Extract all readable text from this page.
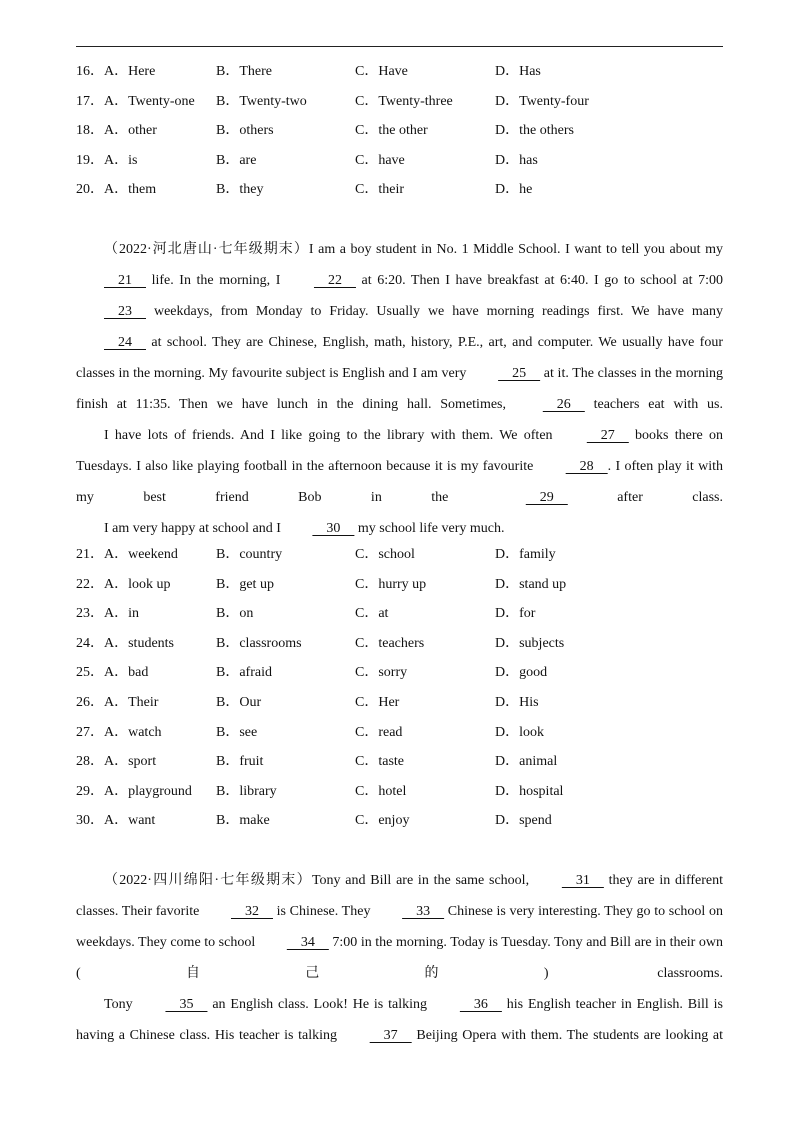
16．A．Here	B．There	C．Have	D．Has
17．A．Twenty-one B．Twenty-two	C．Twenty-three	D．Twenty-four
18．A．other	B．others	C．the other	D．the others
19．A．is	B．are	C．have	D．has
20．A．them	B．they	C．their	D．he

（2022·河北唐山·七年级期末）I am a boy student in No. 1 Middle School. I want to tell you about my     21     life. In the morning, I     22     at 6:20. Then I have breakfast at 6:40. I go to school at 7:00     23     weekdays, from Monday to Friday. Usually we have morning readings first. We have many     24     at school. They are Chinese, English, math, history, P.E., art, and computer. We usually have four classes in the morning. My favourite subject is English and I am very     25     at it. The classes in the morning finish at 11:35. Then we have lunch in the dining hall. Sometimes,     26     teachers eat with us.

I have lots of friends. And I like going to the library with them. We often     27     books there on Tuesdays. I also like playing football in the afternoon because it is my favourite     28    . I often play it with my best friend Bob in the     29     after class.

I am very happy at school and I     30     my school life very much.

21．A．weekend	B．country	C．school	D．family
22．A．look up	B．get up	C．hurry up	D．stand up
23．A．in	B．on	C．at	D．for
24．A．students	B．classrooms	C．teachers	D．subjects
25．A．bad	B．afraid	C．sorry	D．good
26．A．Their	B．Our	C．Her	D．His
27．A．watch	B．see	C．read	D．look
28．A．sport	B．fruit	C．taste	D．animal
29．A．playground B．library	C．hotel	D．hospital
30．A．want	B．make	C．enjoy	D．spend

（2022·四川绵阳·七年级期末）Tony and Bill are in the same school,     31     they are in different classes. Their favorite     32     is Chinese. They     33     Chinese is very interesting. They go to school on weekdays. They come to school     34     7:00 in the morning. Today is Tuesday. Tony and Bill are in their own (自己的) classrooms.

Tony     35     an English class. Look! He is talking     36     his English teacher in English. Bill is having a Chinese class. His teacher is talking     37     Beijing Opera with them. The students are looking at
